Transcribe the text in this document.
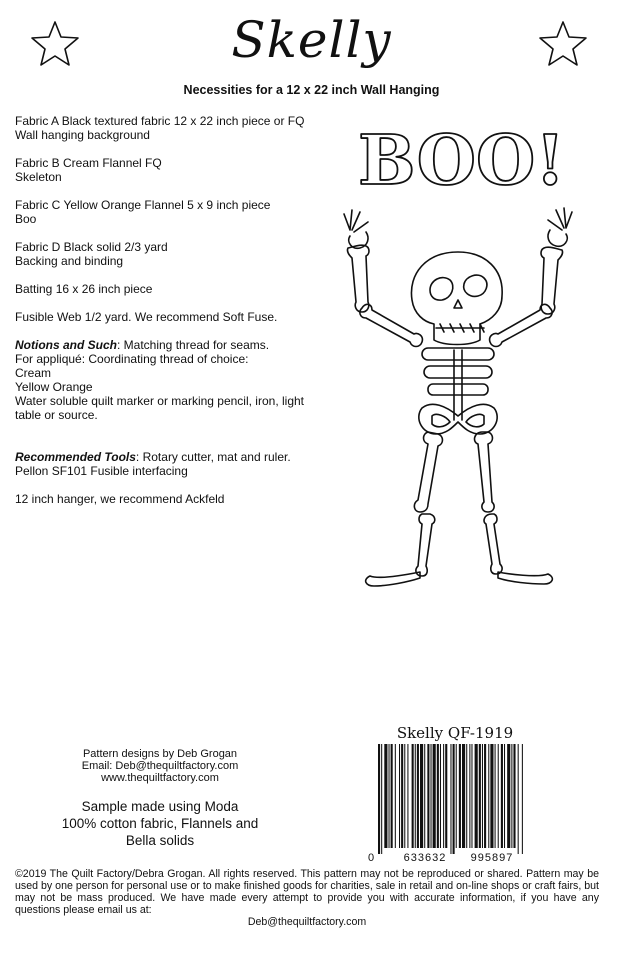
Skelly
Necessities for a 12 x 22 inch Wall Hanging

Fabric A Black textured fabric 12 x 22 inch piece or FQ
Wall hanging background

Fabric B Cream Flannel FQ
Skeleton

Fabric C Yellow Orange Flannel 5 x 9 inch piece
Boo

Fabric D Black solid 2/3 yard
Backing and binding

Batting 16 x 26 inch piece

Fusible Web 1/2 yard. We recommend Soft Fuse.

Notions and Such: Matching thread for seams.
For appliqué: Coordinating thread of choice:
Cream
Yellow Orange
Water soluble quilt marker or marking pencil, iron, light table or source.

Recommended Tools: Rotary cutter, mat and ruler.
Pellon SF101 Fusible interfacing

12 inch hanger, we recommend Ackfeld

BOO!
Pattern designs by Deb Grogan
Email: Deb@thequiltfactory.com
www.thequiltfactory.com
Sample made using Moda
100% cotton fabric, Flannels and
Bella solids
Skelly QF-1919
0	633632	995897
©2019 The Quilt Factory/Debra Grogan. All rights reserved. This pattern may not be reproduced or shared. Pattern may be used by one person for personal use or to make finished goods for charities, sale in retail and on-line shops or craft fairs, but may not be mass produced. We have made every attempt to provide you with accurate information, if you have any questions please email us at:
Deb@thequiltfactory.com
